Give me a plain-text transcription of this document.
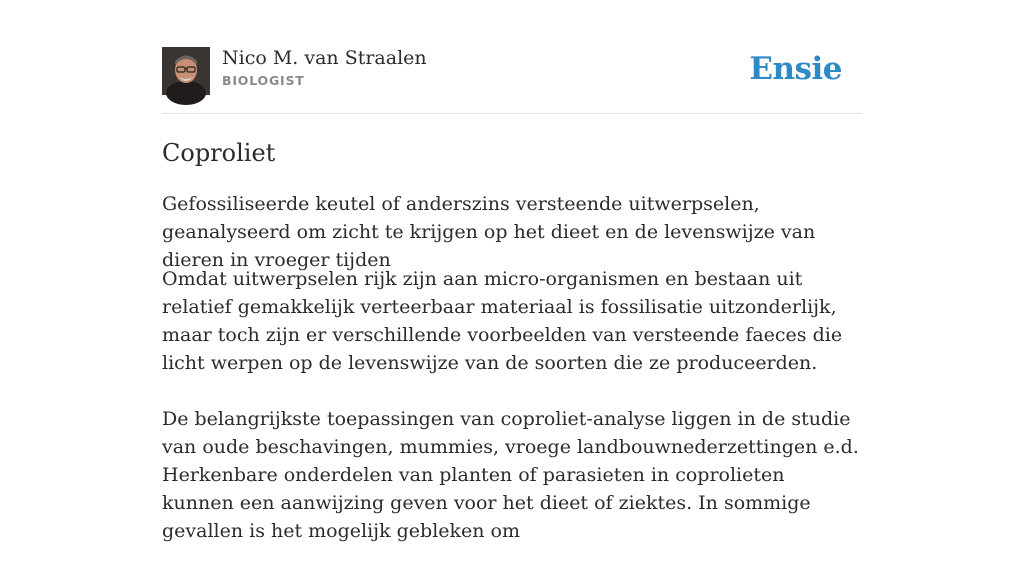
Nico M. van Straalen
BIOLOGIST	Ensie
Coproliet

Gefossiliseerde keutel of anderszins versteende uitwerpselen, geanalyseerd om zicht te krijgen op het dieet en de levenswijze van dieren in vroeger tijden

Omdat uitwerpselen rijk zijn aan micro-organismen en bestaan uit relatief gemakkelijk verteerbaar materiaal is fossilisatie uitzonderlijk, maar toch zijn er verschillende voorbeelden van versteende faeces die licht werpen op de levenswijze van de soorten die ze produceerden.

De belangrijkste toepassingen van coproliet-analyse liggen in de studie van oude beschavingen, mummies, vroege landbouwnederzettingen e.d. Herkenbare onderdelen van planten of parasieten in coprolieten kunnen een aanwijzing geven voor het dieet of ziektes. In sommige gevallen is het mogelijk gebleken om
